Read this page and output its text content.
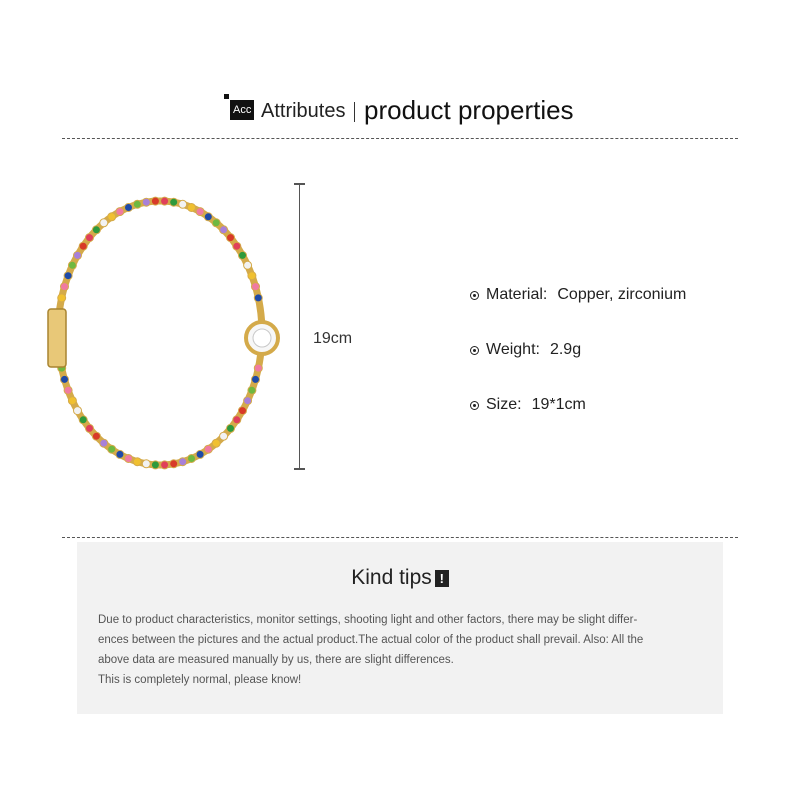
Acc Attributes product properties
19cm
Material: Copper, zirconium
Weight: 2.9g
Size: 19*1cm
Kind tips !

Due to product characteristics, monitor settings, shooting light and other factors, there may be slight differ-

ences between the pictures and the actual product.The actual color of the product shall prevail. Also: All the

above data are measured manually by us, there are slight differences.

This is completely normal, please know!
